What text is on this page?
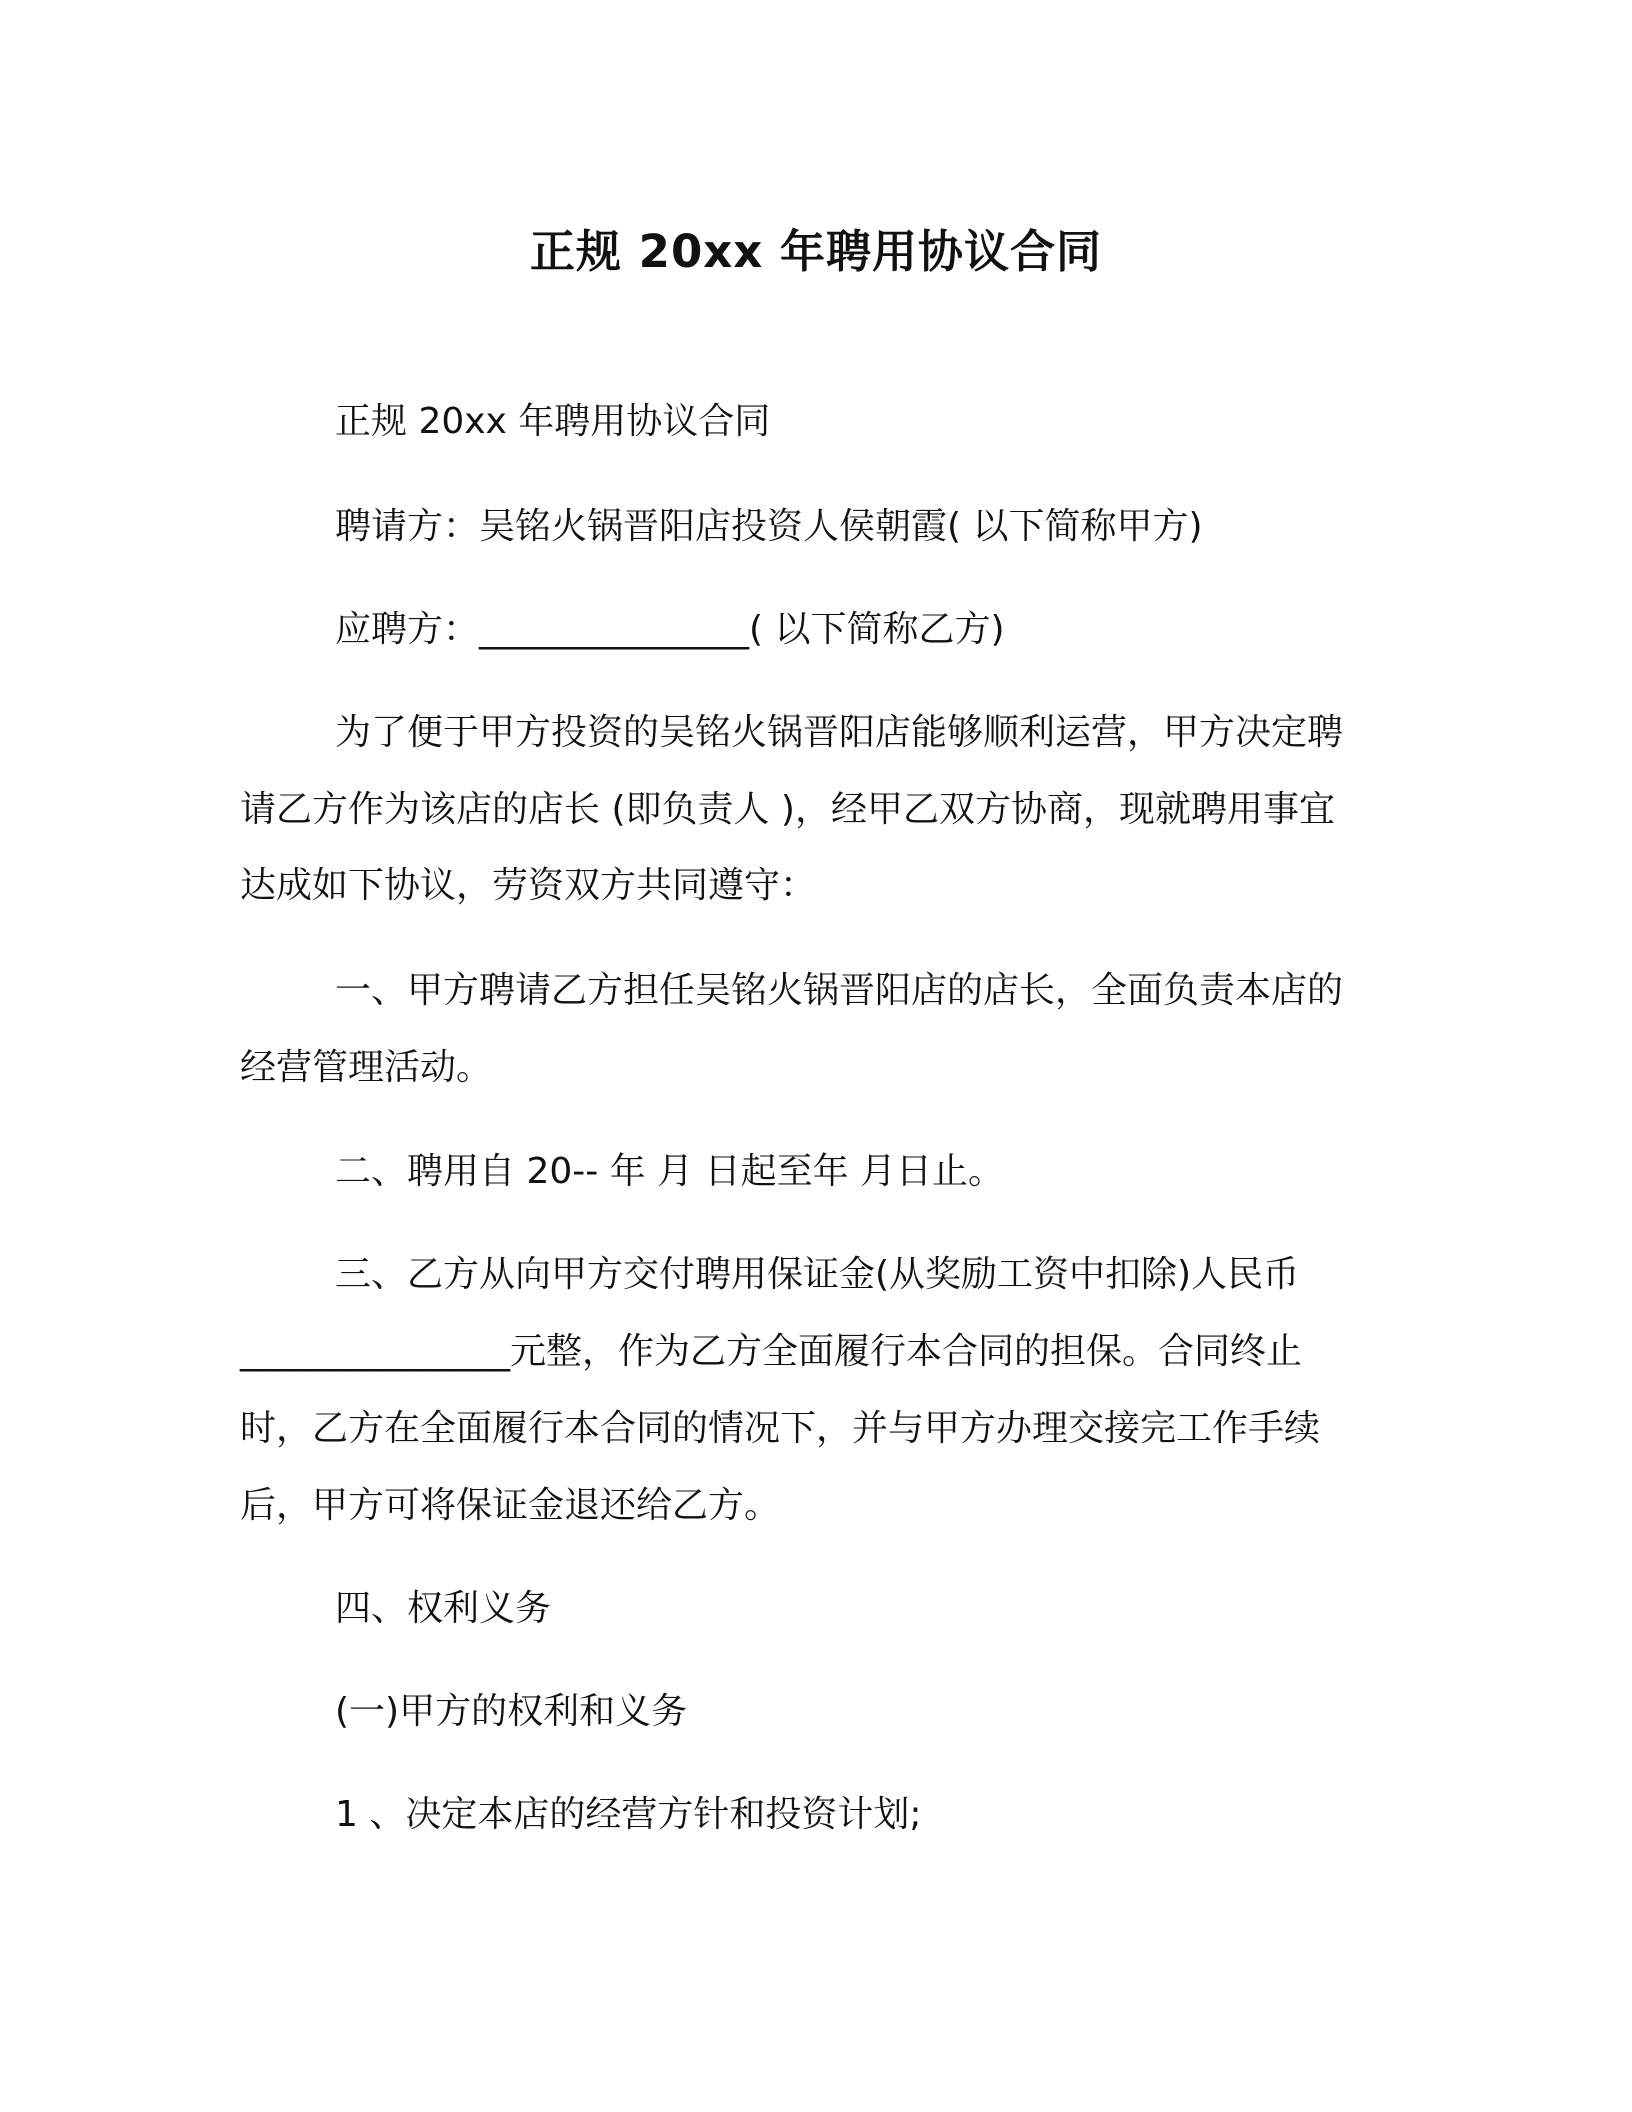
正规 20xx 年聘用协议合同
正规 20xx 年聘用协议合同
聘请方：吴铭火锅晋阳店投资人侯朝霞( 以下简称甲方)
应聘方：_______________( 以下简称乙方)
为了便于甲方投资的吴铭火锅晋阳店能够顺利运营，甲方决定聘
请乙方作为该店的店长 (即负责人 )，经甲乙双方协商，现就聘用事宜
达成如下协议，劳资双方共同遵守：
一、甲方聘请乙方担任吴铭火锅晋阳店的店长，全面负责本店的
经营管理活动。
二、聘用自 20-- 年 月 日起至年 月日止。
三、乙方从向甲方交付聘用保证金(从奖励工资中扣除)人民币
_______________元整，作为乙方全面履行本合同的担保。合同终止
时，乙方在全面履行本合同的情况下，并与甲方办理交接完工作手续
后，甲方可将保证金退还给乙方。
四、权利义务
(一)甲方的权利和义务
1 、决定本店的经营方针和投资计划;
